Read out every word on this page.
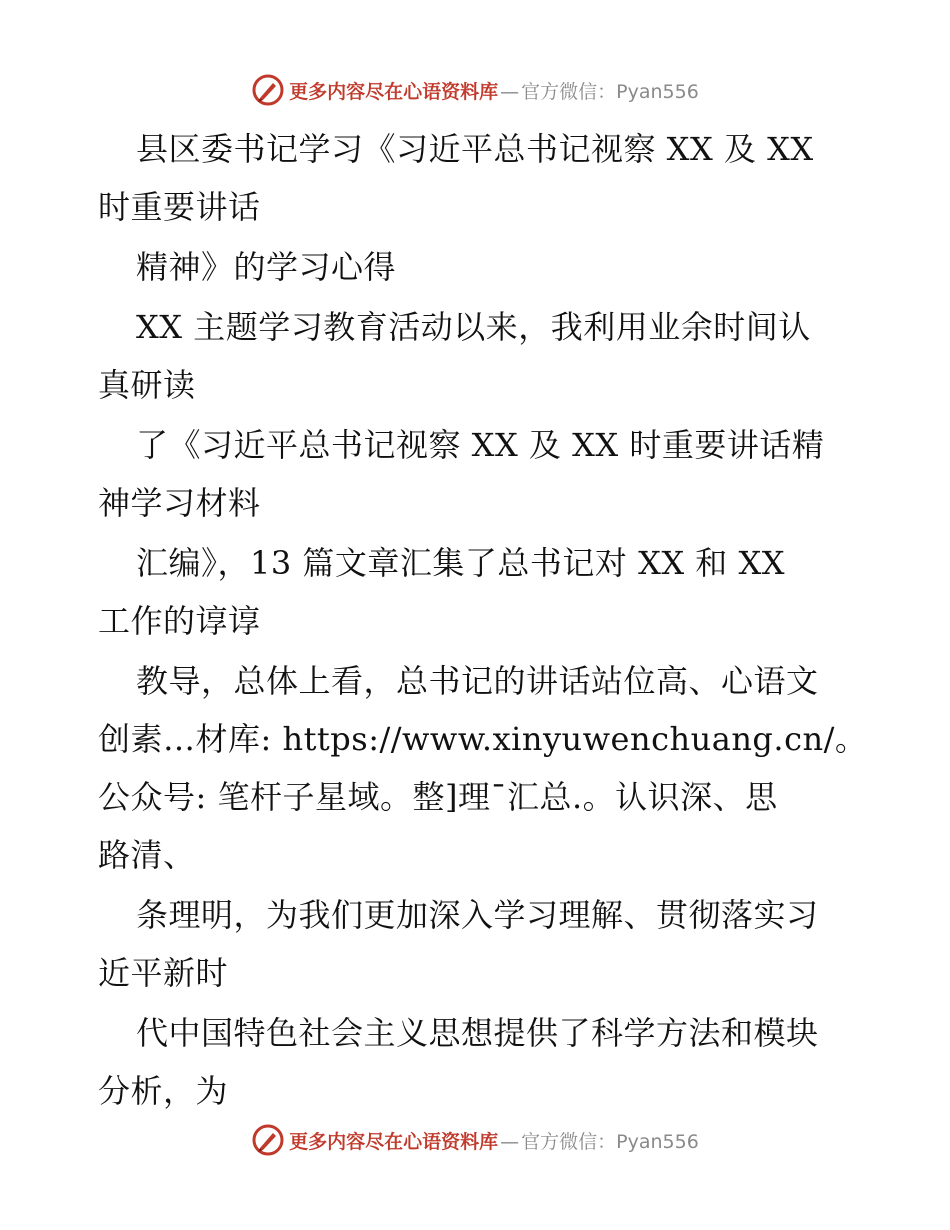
更多内容尽在心语资料库 — 官方微信：Pyan556
县区委书记学习《习近平总书记视察 XX 及 XX
时重要讲话
精神》的学习心得
XX 主题学习教育活动以来，我利用业余时间认
真研读
了《习近平总书记视察 XX 及 XX 时重要讲话精
神学习材料
汇编》，13 篇文章汇集了总书记对 XX 和 XX
工作的谆谆
教导，总体上看，总书记的讲话站位高、心语文
创素…材库: https://www.xinyuwenchuang.cn/。
公众号: 笔杆子星域。整]理¯汇总.。认识深、思
路清、
条理明，为我们更加深入学习理解、贯彻落实习
近平新时
代中国特色社会主义思想提供了科学方法和模块
分析，为
更多内容尽在心语资料库 — 官方微信：Pyan556
